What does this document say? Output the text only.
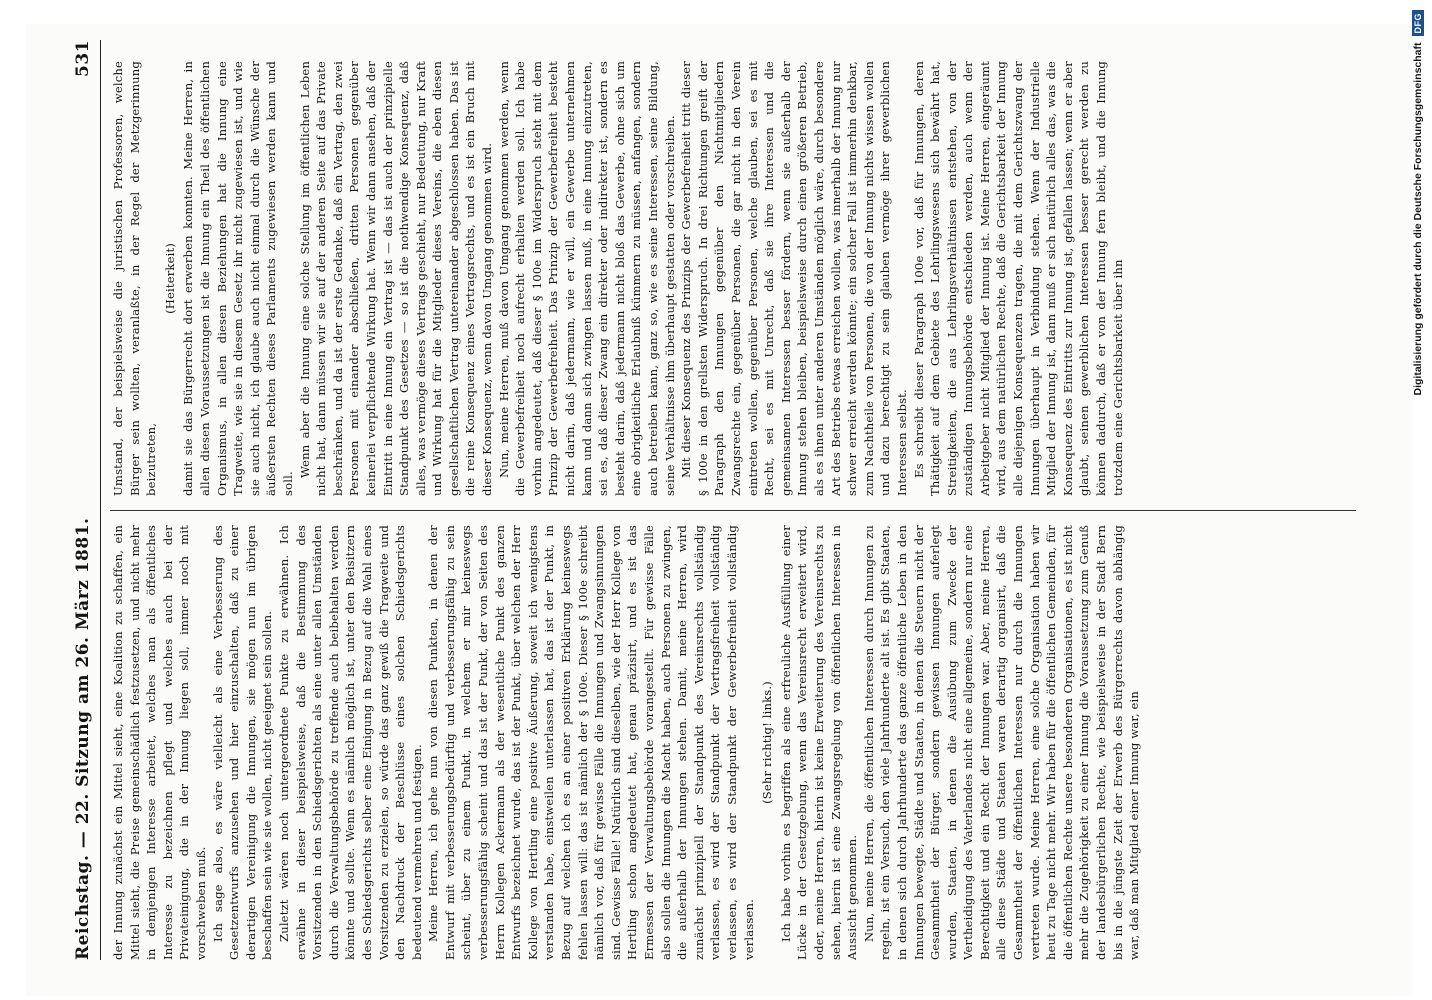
Reichstag. — 22. Sitzung am 26. März 1881.
531

der Innung zunächst ein Mittel sieht, eine Koalition zu schaffen, ein Mittel sieht, die Preise gemeinschädlich festzusetzen, und nicht mehr in demjenigen Interesse arbeitet, welches man als öffentliches Interesse zu bezeichnen pflegt und welches auch bei der Privateinigung, die in der Innung liegen soll, immer noch mit vorschweben muß. Ich sage also, es wäre vielleicht als eine Verbesserung des Gesetzentwurfs anzusehen und hier einzuschalten, daß zu einer derartigen Vereinigung die Innungen, sie mögen nun im übrigen beschaffen sein wie sie wollen, nicht geeignet sein sollen. Zuletzt wären noch untergeordnete Punkte zu erwähnen. Ich erwähne in dieser beispielsweise, daß die Bestimmung des Vorsitzenden in den Schiedsgerichten als eine unter allen Umständen durch die Verwaltungsbehörde zu treffende auch beibehalten werden könnte und sollte. Wenn es nämlich möglich ist, unter den Beisitzern des Schiedsgerichts selber eine Einigung in Bezug auf die Wahl eines Vorsitzenden zu erzielen, so würde das ganz gewiß die Tragweite und den Nachdruck der Beschlüsse eines solchen Schiedsgerichts bedeutend vermehren und festigen. Meine Herren, ich gehe nun von diesen Punkten, in denen der Entwurf mit verbesserungsbedürftig und verbesserungsfähig zu sein scheint, über zu einem Punkt, in welchem er mir keineswegs verbesserungsfähig scheint und das ist der Punkt, der von Seiten des Herrn Kollegen Ackermann als der wesentliche Punkt des ganzen Entwurfs bezeichnet wurde, das ist der Punkt, über welchen der Herr Kollege von Hertling eine positive Äußerung, soweit ich wenigstens verstanden habe, einstweilen unterlassen hat, das ist der Punkt, in Bezug auf welchen ich es an einer positiven Erklärung keineswegs fehlen lassen will: das ist nämlich der § 100e. Dieser § 100e schreibt nämlich vor, daß für gewisse Fälle die Innungen und Zwangsinnungen sind. Gewisse Fälle! Natürlich sind dieselben, wie der Herr Kollege von Hertling schon angedeutet hat, genau präzisirt, und es ist das Ermessen der Verwaltungsbehörde vorangestellt. Für gewisse Fälle also sollen die Innungen die Macht haben, auch Personen zu zwingen, die außerhalb der Innungen stehen. Damit, meine Herren, wird zunächst prinzipiell der Standpunkt des Vereinsrechts vollständig verlassen, es wird der Standpunkt der Vertragsfreiheit vollständig verlassen, es wird der Standpunkt der Gewerbefreiheit vollständig verlassen.

(Sehr richtig! links.) Ich habe vorhin es begriffen als eine erfreuliche Ausfüllung einer Lücke in der Gesetzgebung, wenn das Vereinsrecht erweitert wird, oder, meine Herren, hierin ist keine Erweiterung des Vereinsrechts zu sehen, hierin ist eine Zwangsregelung von öffentlichen Interessen in Aussicht genommen. Nun, meine Herren, die öffentlichen Interessen durch Innungen zu regeln, ist ein Versuch, den viele Jahrhunderte alt ist. Es gibt Staaten, in denen sich durch Jahrhunderte das ganze öffentliche Leben in den Innungen bewegte, Städte und Staaten, in denen die Steuern nicht der Gesammtheit der Bürger, sondern gewissen Innungen auferlegt wurden, Staaten, in denen die Ausübung zum Zwecke der Vertheidigung des Vaterlandes nicht eine allgemeine, sondern nur eine Berechtigkeit und ein Recht der Innungen war. Aber, meine Herren, alle diese Städte und Staaten waren derartig organisirt, daß die Gesammtheit der öffentlichen Interessen nur durch die Innungen vertreten wurde. Meine Herren, eine solche Organisation haben wir heut zu Tage nicht mehr. Wir haben für die öffentlichen Gemeinden, für die öffentlichen Rechte unsere besonderen Organisationen, es ist nicht mehr die Zugehörigkeit zu einer Innung die Voraussetzung zum Genuß der landesbürgerlichen Rechte, wie beispielsweise in der Stadt Bern bis in die jüngste Zeit der Erwerb des Bürgerrechts davon abhängig war, daß man Mitglied einer Innung war, ein

Umstand, der beispielsweise die juristischen Professoren, welche Bürger sein wollten, veranlaßte, in der Regel der Metzgerinnung beizutreten,

(Heiterkeit) damit sie das Bürgerrecht dort erwerben konnten. Meine Herren, in allen diesen Voraussetzungen ist die Innung ein Theil des öffentlichen Organismus, in allen diesen Beziehungen hat die Innung eine Tragweite, wie sie in diesem Gesetz ihr nicht zugewiesen ist, und wie sie auch nicht, ich glaube auch nicht einmal durch die Wünsche der äußersten Rechten dieses Parlaments zugewiesen werden kann und soll.

Wenn aber die Innung eine solche Stellung im öffentlichen Leben nicht hat, dann müssen wir sie auf der anderen Seite auf das Private beschränken, und da ist der erste Gedanke, daß ein Vertrag, den zwei Personen mit einander abschließen, dritten Personen gegenüber keinerlei verpflichtende Wirkung hat. Wenn wir dann ansehen, daß der Eintritt in eine Innung ein Vertrag ist — das ist auch der prinzipielle Standpunkt des Gesetzes — so ist die nothwendige Konsequenz, daß alles, was vermöge dieses Vertrags geschieht, nur Bedeutung, nur Kraft und Wirkung hat für die Mitglieder dieses Vereins, die eben diesen gesellschaftlichen Vertrag untereinander abgeschlossen haben. Das ist die reine Konsequenz eines Vertragsrechts, und es ist ein Bruch mit dieser Konsequenz, wenn davon Umgang genommen wird. Nun, meine Herren, muß davon Umgang genommen werden, wenn die Gewerbefreiheit noch aufrecht erhalten werden soll. Ich habe vorhin angedeutet, daß dieser § 100e im Widerspruch steht mit dem Prinzip der Gewerbefreiheit. Das Prinzip der Gewerbefreiheit besteht nicht darin, daß jedermann, wie er will, ein Gewerbe unternehmen kann und dann sich zwingen lassen muß, in eine Innung einzutreten, sei es, daß dieser Zwang ein direkter oder indirekter ist, sondern es besteht darin, daß jedermann nicht bloß das Gewerbe, ohne sich um eine obrigkeitliche Erlaubniß kümmern zu müssen, anfangen, sondern auch betreiben kann, ganz so, wie es seine Interessen, seine Bildung, seine Verhältnisse ihm überhaupt gestatten oder vorschreiben. Mit dieser Konsequenz des Prinzips der Gewerbefreiheit tritt dieser § 100e in den grellsten Widerspruch. In drei Richtungen greift der Paragraph den Innungen gegenüber den Nichtmitgliedern Zwangsrechte ein, gegenüber Personen, die gar nicht in den Verein eintreten wollen, gegenüber Personen, welche glauben, sei es mit Recht, sei es mit Unrecht, daß sie ihre Interessen und die gemeinsamen Interessen besser fördern, wenn sie außerhalb der Innung stehen bleiben, beispielsweise durch einen größeren Betrieb, als es ihnen unter anderen Umständen möglich wäre, durch besondere Art des Betriebs etwas erreichen wollen, was innerhalb der Innung nur schwer erreicht werden könnte; ein solcher Fall ist immerhin denkbar, zum Nachtheile von Personen, die von der Innung nichts wissen wollen und dazu berechtigt zu sein glauben vermöge ihrer gewerblichen Interessen selbst. Es schreibt dieser Paragraph 100e vor, daß für Innungen, deren Thätigkeit auf dem Gebiete des Lehrlingswesens sich bewährt hat, Streitigkeiten, die aus Lehrlingsverhältnissen entstehen, von der zuständigen Innungsbehörde entschieden werden, auch wenn der Arbeitgeber nicht Mitglied der Innung ist. Meine Herren, eingeräumt wird, aus dem natürlichen Rechte, daß die Gerichtsbarkeit der Innung alle diejenigen Konsequenzen tragen, die mit dem Gerichtszwang der Innungen überhaupt in Verbindung stehen. Wenn der Industrielle Mitglied der Innung ist, dann muß er sich natürlich alles das, was die Konsequenz des Eintritts zur Innung ist, gefallen lassen; wenn er aber glaubt, seinen gewerblichen Interessen besser gerecht werden zu können dadurch, daß er von der Innung fern bleibt, und die Innung trotzdem eine Gerichtsbarkeit über ihn	Digitalisierung gefördert durch die Deutsche Forschungsgemeinschaft
DFG
